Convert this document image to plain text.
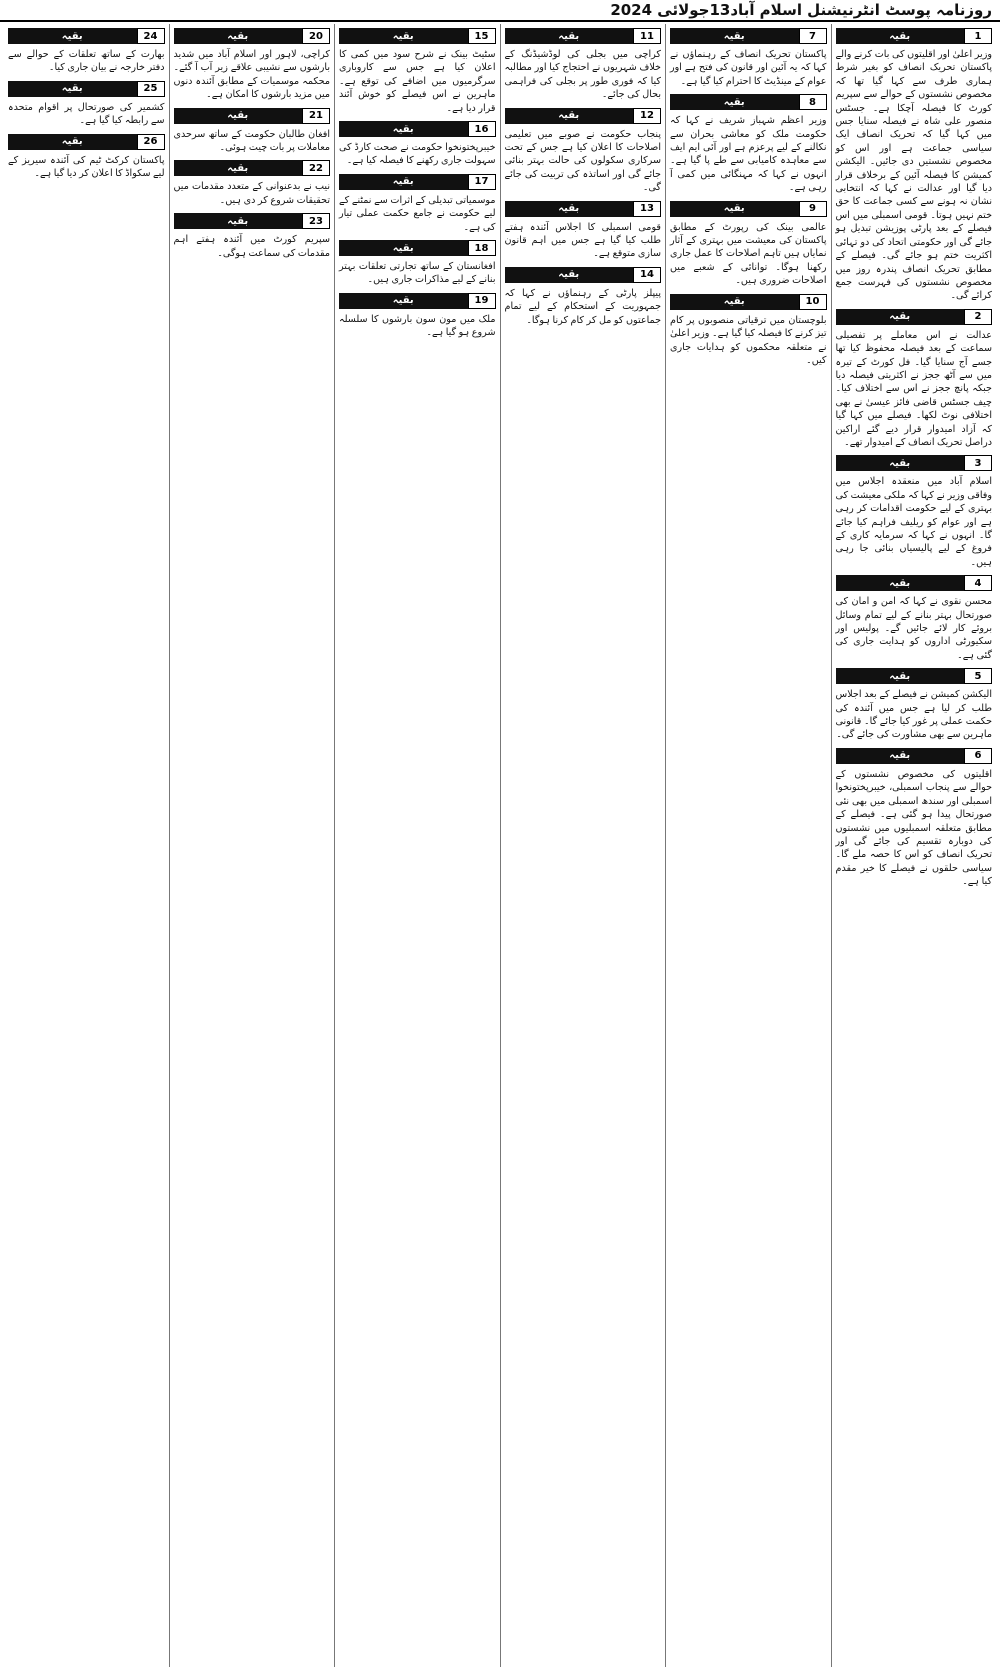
روزنامہ پوسٹ انٹرنیشنل اسلام آباد13جولائی 2024
1
بقیہ
وزیر اعلیٰ اور اقلیتوں کی بات کرنے والے پاکستان تحریک انصاف کو بغیر شرط ہماری طرف سے کہا گیا تھا کہ مخصوص نشستوں کے حوالے سے سپریم کورٹ کا فیصلہ آچکا ہے۔ جسٹس منصور علی شاہ نے فیصلہ سنایا جس میں کہا گیا کہ تحریک انصاف ایک سیاسی جماعت ہے اور اس کو مخصوص نشستیں دی جائیں۔ الیکشن کمیشن کا فیصلہ آئین کے برخلاف قرار دیا گیا اور عدالت نے کہا کہ انتخابی نشان نہ ہونے سے کسی جماعت کا حق ختم نہیں ہوتا۔ قومی اسمبلی میں اس فیصلے کے بعد پارٹی پوزیشن تبدیل ہو جائے گی اور حکومتی اتحاد کی دو تہائی اکثریت ختم ہو جائے گی۔ فیصلے کے مطابق تحریک انصاف پندرہ روز میں مخصوص نشستوں کی فہرست جمع کرائے گی۔
2
بقیہ
عدالت نے اس معاملے پر تفصیلی سماعت کے بعد فیصلہ محفوظ کیا تھا جسے آج سنایا گیا۔ فل کورٹ کے تیرہ میں سے آٹھ ججز نے اکثریتی فیصلہ دیا جبکہ پانچ ججز نے اس سے اختلاف کیا۔ چیف جسٹس قاضی فائز عیسیٰ نے بھی اختلافی نوٹ لکھا۔ فیصلے میں کہا گیا کہ آزاد امیدوار قرار دیے گئے اراکین دراصل تحریک انصاف کے امیدوار تھے۔
3
بقیہ
اسلام آباد میں منعقدہ اجلاس میں وفاقی وزیر نے کہا کہ ملکی معیشت کی بہتری کے لیے حکومت اقدامات کر رہی ہے اور عوام کو ریلیف فراہم کیا جائے گا۔ انہوں نے کہا کہ سرمایہ کاری کے فروغ کے لیے پالیسیاں بنائی جا رہی ہیں۔
4
بقیہ
محسن نقوی نے کہا کہ امن و امان کی صورتحال بہتر بنانے کے لیے تمام وسائل بروئے کار لائے جائیں گے۔ پولیس اور سکیورٹی اداروں کو ہدایت جاری کی گئی ہے۔
5
بقیہ
الیکشن کمیشن نے فیصلے کے بعد اجلاس طلب کر لیا ہے جس میں آئندہ کی حکمت عملی پر غور کیا جائے گا۔ قانونی ماہرین سے بھی مشاورت کی جائے گی۔
6
بقیہ
اقلیتوں کی مخصوص نشستوں کے حوالے سے پنجاب اسمبلی، خیبرپختونخوا اسمبلی اور سندھ اسمبلی میں بھی نئی صورتحال پیدا ہو گئی ہے۔ فیصلے کے مطابق متعلقہ اسمبلیوں میں نشستوں کی دوبارہ تقسیم کی جائے گی اور تحریک انصاف کو اس کا حصہ ملے گا۔ سیاسی حلقوں نے فیصلے کا خیر مقدم کیا ہے۔
7
بقیہ
پاکستان تحریک انصاف کے رہنماؤں نے کہا کہ یہ آئین اور قانون کی فتح ہے اور عوام کے مینڈیٹ کا احترام کیا گیا ہے۔
8
بقیہ
وزیر اعظم شہباز شریف نے کہا کہ حکومت ملک کو معاشی بحران سے نکالنے کے لیے پرعزم ہے اور آئی ایم ایف سے معاہدہ کامیابی سے طے پا گیا ہے۔ انہوں نے کہا کہ مہنگائی میں کمی آ رہی ہے۔
9
بقیہ
عالمی بینک کی رپورٹ کے مطابق پاکستان کی معیشت میں بہتری کے آثار نمایاں ہیں تاہم اصلاحات کا عمل جاری رکھنا ہوگا۔ توانائی کے شعبے میں اصلاحات ضروری ہیں۔
10
بقیہ
بلوچستان میں ترقیاتی منصوبوں پر کام تیز کرنے کا فیصلہ کیا گیا ہے۔ وزیر اعلیٰ نے متعلقہ محکموں کو ہدایات جاری کیں۔
11
بقیہ
کراچی میں بجلی کی لوڈشیڈنگ کے خلاف شہریوں نے احتجاج کیا اور مطالبہ کیا کہ فوری طور پر بجلی کی فراہمی بحال کی جائے۔
12
بقیہ
پنجاب حکومت نے صوبے میں تعلیمی اصلاحات کا اعلان کیا ہے جس کے تحت سرکاری سکولوں کی حالت بہتر بنائی جائے گی اور اساتذہ کی تربیت کی جائے گی۔
13
بقیہ
قومی اسمبلی کا اجلاس آئندہ ہفتے طلب کیا گیا ہے جس میں اہم قانون سازی متوقع ہے۔
14
بقیہ
پیپلز پارٹی کے رہنماؤں نے کہا کہ جمہوریت کے استحکام کے لیے تمام جماعتوں کو مل کر کام کرنا ہوگا۔
15
بقیہ
سٹیٹ بینک نے شرح سود میں کمی کا اعلان کیا ہے جس سے کاروباری سرگرمیوں میں اضافے کی توقع ہے۔ ماہرین نے اس فیصلے کو خوش آئند قرار دیا ہے۔
16
بقیہ
خیبرپختونخوا حکومت نے صحت کارڈ کی سہولت جاری رکھنے کا فیصلہ کیا ہے۔
17
بقیہ
موسمیاتی تبدیلی کے اثرات سے نمٹنے کے لیے حکومت نے جامع حکمت عملی تیار کی ہے۔
18
بقیہ
افغانستان کے ساتھ تجارتی تعلقات بہتر بنانے کے لیے مذاکرات جاری ہیں۔
19
بقیہ
ملک میں مون سون بارشوں کا سلسلہ شروع ہو گیا ہے۔
20
بقیہ
کراچی، لاہور اور اسلام آباد میں شدید بارشوں سے نشیبی علاقے زیر آب آ گئے۔ محکمہ موسمیات کے مطابق آئندہ دنوں میں مزید بارشوں کا امکان ہے۔
21
بقیہ
افغان طالبان حکومت کے ساتھ سرحدی معاملات پر بات چیت ہوئی۔
22
بقیہ
نیب نے بدعنوانی کے متعدد مقدمات میں تحقیقات شروع کر دی ہیں۔
23
بقیہ
سپریم کورٹ میں آئندہ ہفتے اہم مقدمات کی سماعت ہوگی۔
24
بقیہ
بھارت کے ساتھ تعلقات کے حوالے سے دفتر خارجہ نے بیان جاری کیا۔
25
بقیہ
کشمیر کی صورتحال پر اقوام متحدہ سے رابطہ کیا گیا ہے۔
26
بقیہ
پاکستان کرکٹ ٹیم کی آئندہ سیریز کے لیے سکواڈ کا اعلان کر دیا گیا ہے۔
